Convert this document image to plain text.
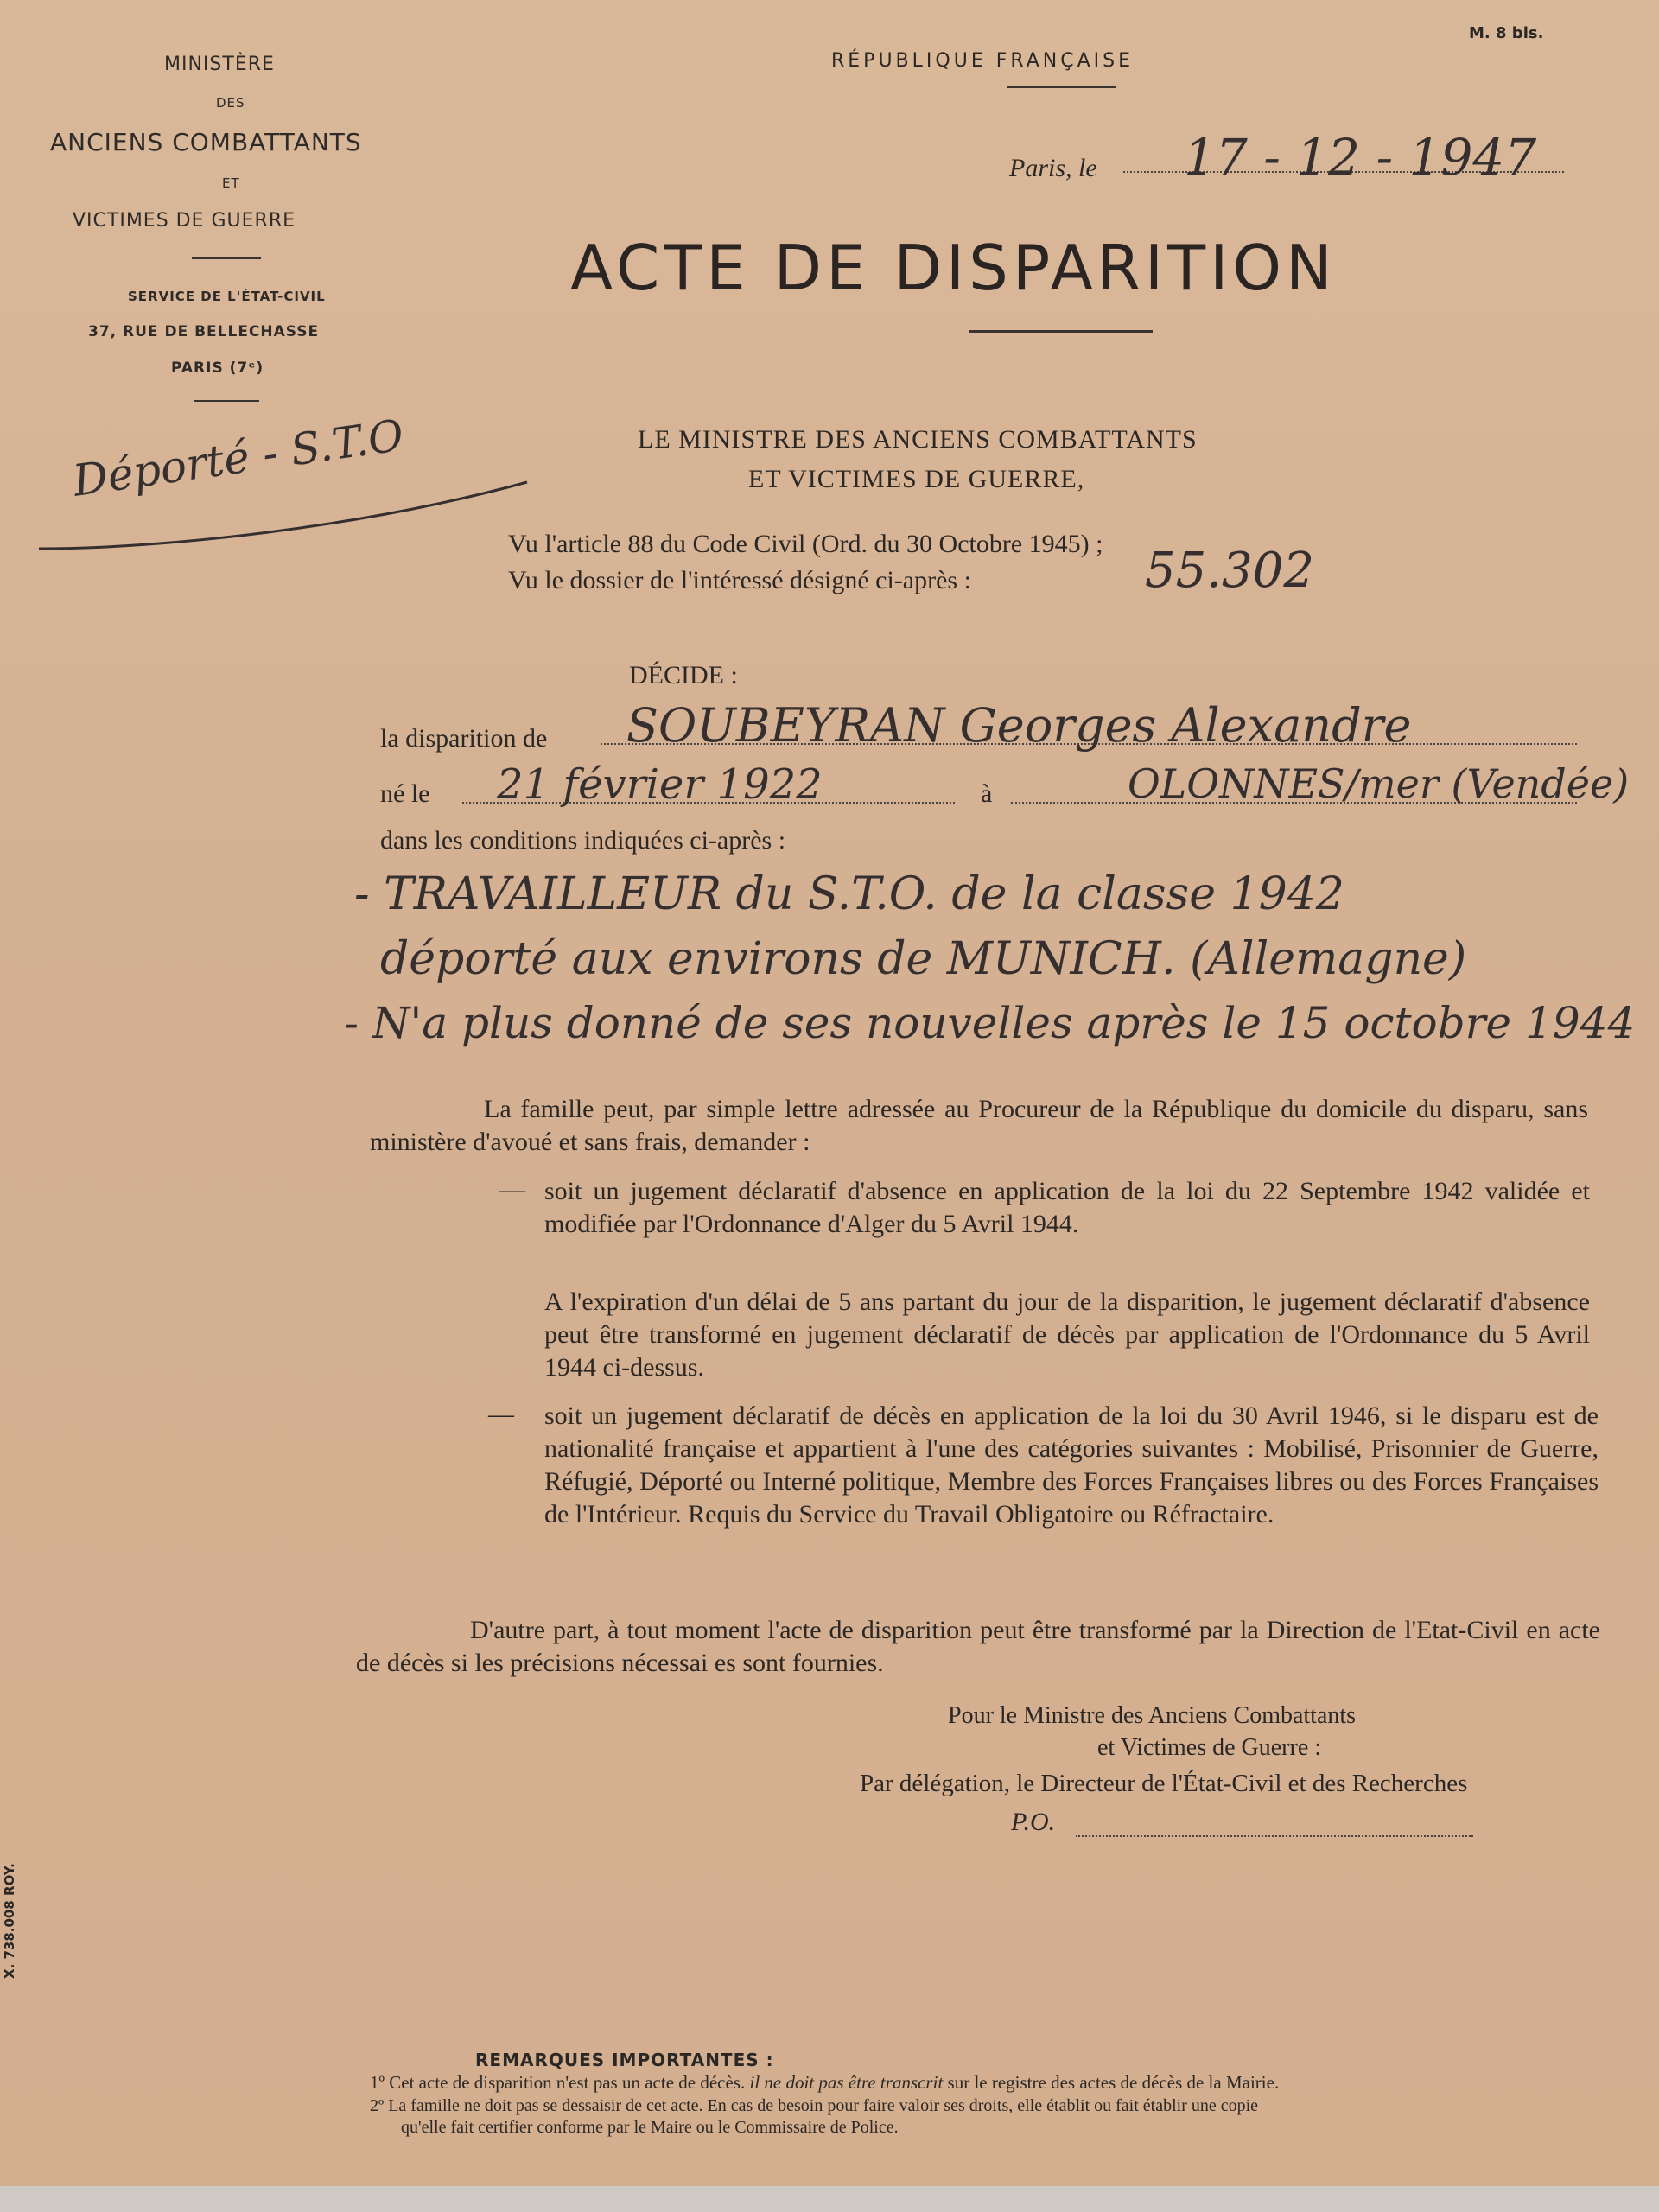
MINISTÈRE
DES
ANCIENS COMBATTANTS
ET
VICTIMES DE GUERRE
SERVICE DE L'ÉTAT-CIVIL
37, RUE DE BELLECHASSE
PARIS (7ᵉ)
RÉPUBLIQUE FRANÇAISE
M. 8 bis.
Paris, le 17 - 12 - 1947
ACTE DE DISPARITION
Déporté - S.T.O	LE MINISTRE DES ANCIENS COMBATTANTS
ET VICTIMES DE GUERRE,
Vu l'article 88 du Code Civil (Ord. du 30 Octobre 1945) ;
Vu le dossier de l'intéressé désigné ci-après :	55.302
DÉCIDE :
la disparition de SOUBEYRAN Georges Alexandre
né le 21 février 1922	à	OLONNES/mer (Vendée)
dans les conditions indiquées ci-après :
- TRAVAILLEUR du S.T.O. de la classe 1942
déporté aux environs de MUNICH. (Allemagne)
- N'a plus donné de ses nouvelles après le 15 octobre 1944
La famille peut, par simple lettre adressée au Procureur de la République du domicile du disparu, sans ministère d'avoué et sans frais, demander :
— soit un jugement déclaratif d'absence en application de la loi du 22 Septembre 1942 validée et modifiée par l'Ordonnance d'Alger du 5 Avril 1944.
A l'expiration d'un délai de 5 ans partant du jour de la disparition, le jugement déclaratif d'absence peut être transformé en jugement déclaratif de décès par application de l'Ordonnance du 5 Avril 1944 ci-dessus.
— soit un jugement déclaratif de décès en application de la loi du 30 Avril 1946, si le disparu est de nationalité française et appartient à l'une des catégories suivantes : Mobilisé, Prisonnier de Guerre, Réfugié, Déporté ou Interné politique, Membre des Forces Françaises libres ou des Forces Françaises de l'Intérieur. Requis du Service du Travail Obligatoire ou Réfractaire.
D'autre part, à tout moment l'acte de disparition peut être transformé par la Direction de l'Etat-Civil en acte de décès si les précisions nécessai es sont fournies.
Pour le Ministre des Anciens Combattants
et Victimes de Guerre :
Par délégation, le Directeur de l'État-Civil et des Recherches
P.O.
X. 738.008 ROY.
REMARQUES IMPORTANTES :
1º Cet acte de disparition n'est pas un acte de décès. il ne doit pas être transcrit sur le registre des actes de décès de la Mairie.
2º La famille ne doit pas se dessaisir de cet acte. En cas de besoin pour faire valoir ses droits, elle établit ou fait établir une copie
qu'elle fait certifier conforme par le Maire ou le Commissaire de Police.
